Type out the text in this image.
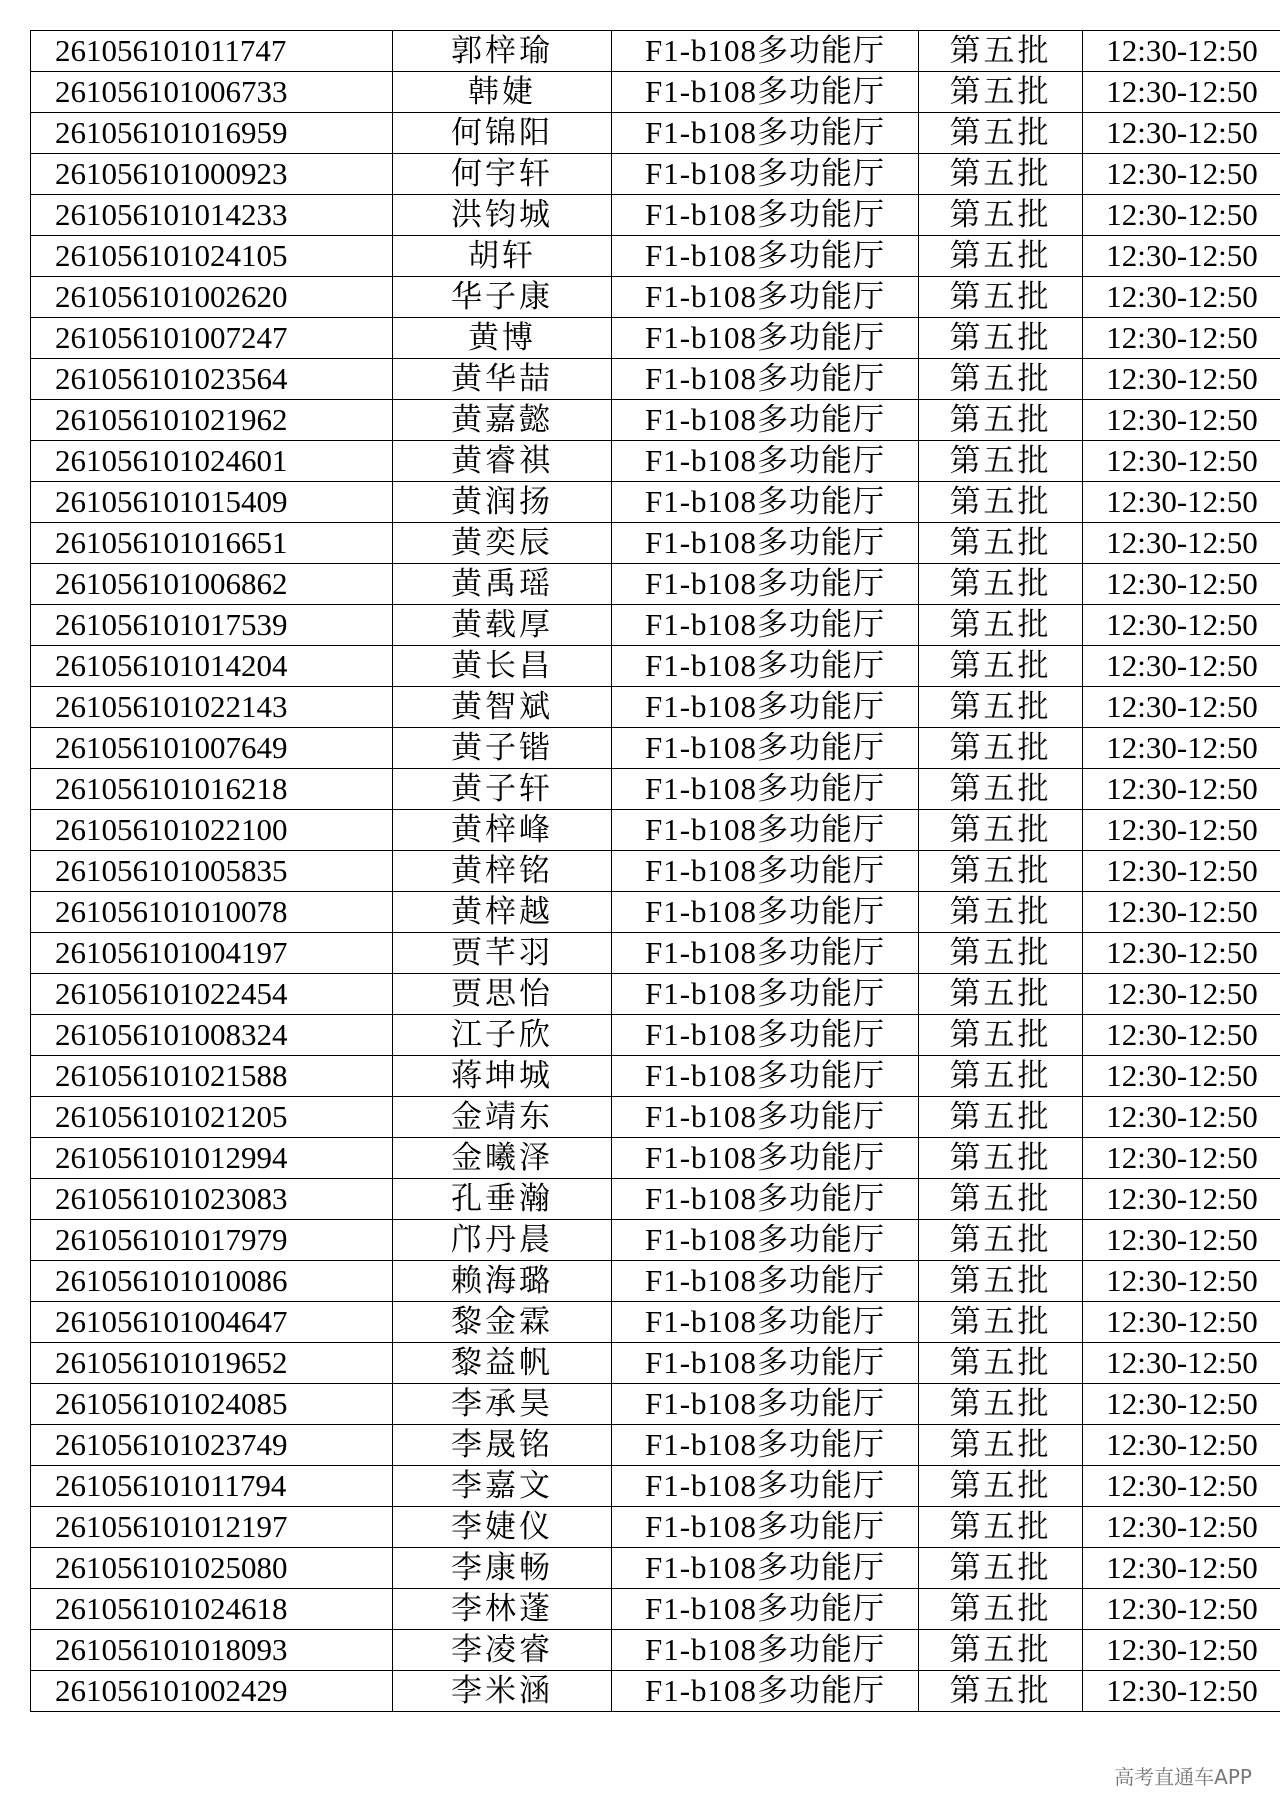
261056101011747	郭梓瑜	F1-b108多功能厅	第五批	12:30-12:50
261056101006733	韩婕	F1-b108多功能厅	第五批	12:30-12:50
261056101016959	何锦阳	F1-b108多功能厅	第五批	12:30-12:50
261056101000923	何宇轩	F1-b108多功能厅	第五批	12:30-12:50
261056101014233	洪钧城	F1-b108多功能厅	第五批	12:30-12:50
261056101024105	胡轩	F1-b108多功能厅	第五批	12:30-12:50
261056101002620	华子康	F1-b108多功能厅	第五批	12:30-12:50
261056101007247	黄博	F1-b108多功能厅	第五批	12:30-12:50
261056101023564	黄华喆	F1-b108多功能厅	第五批	12:30-12:50
261056101021962	黄嘉懿	F1-b108多功能厅	第五批	12:30-12:50
261056101024601	黄睿祺	F1-b108多功能厅	第五批	12:30-12:50
261056101015409	黄润扬	F1-b108多功能厅	第五批	12:30-12:50
261056101016651	黄奕辰	F1-b108多功能厅	第五批	12:30-12:50
261056101006862	黄禹瑶	F1-b108多功能厅	第五批	12:30-12:50
261056101017539	黄载厚	F1-b108多功能厅	第五批	12:30-12:50
261056101014204	黄长昌	F1-b108多功能厅	第五批	12:30-12:50
261056101022143	黄智斌	F1-b108多功能厅	第五批	12:30-12:50
261056101007649	黄子锴	F1-b108多功能厅	第五批	12:30-12:50
261056101016218	黄子轩	F1-b108多功能厅	第五批	12:30-12:50
261056101022100	黄梓峰	F1-b108多功能厅	第五批	12:30-12:50
261056101005835	黄梓铭	F1-b108多功能厅	第五批	12:30-12:50
261056101010078	黄梓越	F1-b108多功能厅	第五批	12:30-12:50
261056101004197	贾芊羽	F1-b108多功能厅	第五批	12:30-12:50
261056101022454	贾思怡	F1-b108多功能厅	第五批	12:30-12:50
261056101008324	江子欣	F1-b108多功能厅	第五批	12:30-12:50
261056101021588	蒋坤城	F1-b108多功能厅	第五批	12:30-12:50
261056101021205	金靖东	F1-b108多功能厅	第五批	12:30-12:50
261056101012994	金曦泽	F1-b108多功能厅	第五批	12:30-12:50
261056101023083	孔垂瀚	F1-b108多功能厅	第五批	12:30-12:50
261056101017979	邝丹晨	F1-b108多功能厅	第五批	12:30-12:50
261056101010086	赖海璐	F1-b108多功能厅	第五批	12:30-12:50
261056101004647	黎金霖	F1-b108多功能厅	第五批	12:30-12:50
261056101019652	黎益帆	F1-b108多功能厅	第五批	12:30-12:50
261056101024085	李承昊	F1-b108多功能厅	第五批	12:30-12:50
261056101023749	李晟铭	F1-b108多功能厅	第五批	12:30-12:50
261056101011794	李嘉文	F1-b108多功能厅	第五批	12:30-12:50
261056101012197	李婕仪	F1-b108多功能厅	第五批	12:30-12:50
261056101025080	李康畅	F1-b108多功能厅	第五批	12:30-12:50
261056101024618	李林蓬	F1-b108多功能厅	第五批	12:30-12:50
261056101018093	李凌睿	F1-b108多功能厅	第五批	12:30-12:50
261056101002429	李米涵	F1-b108多功能厅	第五批	12:30-12:50
高考直通车APP
